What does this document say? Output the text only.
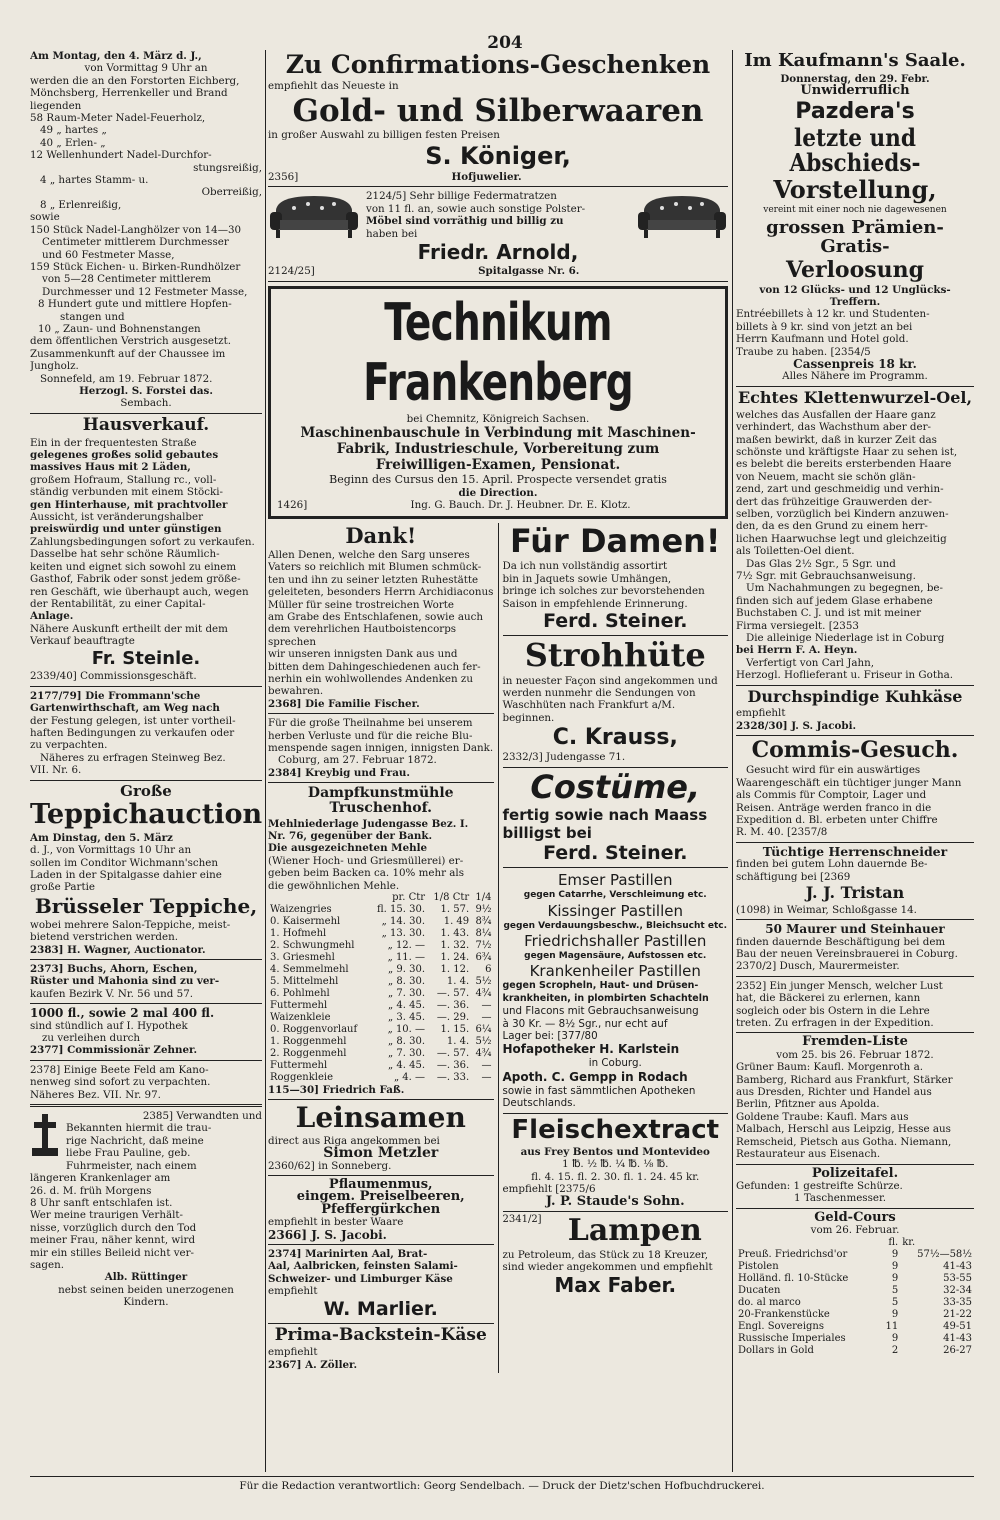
204

Am Montag, den 4. März d. J.,

von Vormittag 9 Uhr an

werden die an den Forstorten Eichberg,

Mönchsberg, Herrenkeller und Brand

liegenden

58 Raum-Meter Nadel-Feuerholz,

49 „ hartes „

40 „ Erlen- „

12 Wellenhundert Nadel-Durchfor-

stungsreißig,

4 „ hartes Stamm- u.

Oberreißig,

8 „ Erlenreißig,

sowie

150 Stück Nadel-Langhölzer von 14—30

Centimeter mittlerem Durchmesser

und 60 Festmeter Masse,

159 Stück Eichen- u. Birken-Rundhölzer

von 5—28 Centimeter mittlerem

Durchmesser und 12 Festmeter Masse,

8 Hundert gute und mittlere Hopfen-

stangen und

10 „ Zaun- und Bohnenstangen

dem öffentlichen Verstrich ausgesetzt.

Zusammenkunft auf der Chaussee im

Jungholz.

Sonnefeld, am 19. Februar 1872.

Herzogl. S. Forstei das.

Sembach.

Hausverkauf.

Ein in der frequentesten Straße

gelegenes großes solid gebautes

massives Haus mit 2 Läden,

großem Hofraum, Stallung rc., voll-

ständig verbunden mit einem Stöcki-

gen Hinterhause, mit prachtvoller

Aussicht, ist veränderungshalber

preiswürdig und unter günstigen

Zahlungsbedingungen sofort zu verkaufen.

Dasselbe hat sehr schöne Räumlich-

keiten und eignet sich sowohl zu einem

Gasthof, Fabrik oder sonst jedem größe-

ren Geschäft, wie überhaupt auch, wegen

der Rentabilität, zu einer Capital-

Anlage.

Nähere Auskunft ertheilt der mit dem

Verkauf beauftragte

Fr. Steinle.

2339/40] Commissionsgeschäft.

2177/79] Die Frommann'sche

Gartenwirthschaft, am Weg nach

der Festung gelegen, ist unter vortheil-

haften Bedingungen zu verkaufen oder

zu verpachten.

Näheres zu erfragen Steinweg Bez.

VII. Nr. 6.

Große

Teppichauction

Am Dinstag, den 5. März

d. J., von Vormittags 10 Uhr an

sollen im Conditor Wichmann'schen

Laden in der Spitalgasse dahier eine

große Partie

Brüsseler Teppiche,

wobei mehrere Salon-Teppiche, meist-

bietend verstrichen werden.

2383] H. Wagner, Auctionator.

2373] Buchs, Ahorn, Eschen,

Rüster und Mahonia sind zu ver-

kaufen Bezirk V. Nr. 56 und 57.

1000 fl., sowie 2 mal 400 fl.

sind stündlich auf I. Hypothek

zu verleihen durch

2377] Commissionär Zehner.

2378] Einige Beete Feld am Kano-

nenweg sind sofort zu verpachten.

Näheres Bez. VII. Nr. 97.

2385] Verwandten und

Bekannten hiermit die trau-

rige Nachricht, daß meine

liebe Frau Pauline, geb.

Fuhrmeister, nach einem

längeren Krankenlager am

26. d. M. früh Morgens

8 Uhr sanft entschlafen ist.

Wer meine traurigen Verhält-

nisse, vorzüglich durch den Tod

meiner Frau, näher kennt, wird

mir ein stilles Beileid nicht ver-

sagen.

Alb. Rüttinger

nebst seinen beiden unerzogenen

Kindern.

Zu Confirmations-Geschenken

empfiehlt das Neueste in

Gold- und Silberwaaren

in großer Auswahl zu billigen festen Preisen

S. Königer,

2356]	Hofjuwelier.

2124/5] Sehr billige Federmatratzen

von 11 fl. an, sowie auch sonstige Polster-

Möbel sind vorräthig und billig zu

haben bei

Friedr. Arnold,

2124/25]	Spitalgasse Nr. 6.

Technikum Frankenberg

bei Chemnitz, Königreich Sachsen.

Maschinenbauschule in Verbindung mit Maschinen-

Fabrik, Industrieschule, Vorbereitung zum

Freiwilligen-Examen, Pensionat.

Beginn des Cursus den 15. April. Prospecte versendet gratis

die Direction.

1426]	Ing. G. Bauch. Dr. J. Heubner. Dr. E. Klotz.

Dank!

Allen Denen, welche den Sarg unseres

Vaters so reichlich mit Blumen schmück-

ten und ihn zu seiner letzten Ruhestätte

geleiteten, besonders Herrn Archidiaconus

Müller für seine trostreichen Worte

am Grabe des Entschlafenen, sowie auch

dem verehrlichen Hautboistencorps sprechen

wir unseren innigsten Dank aus und

bitten dem Dahingeschiedenen auch fer-

nerhin ein wohlwollendes Andenken zu

bewahren.

2368] Die Familie Fischer.

Für die große Theilnahme bei unserem

herben Verluste und für die reiche Blu-

menspende sagen innigen, innigsten Dank.

Coburg, am 27. Februar 1872.

2384] Kreybig und Frau.

Dampfkunstmühle Truschenhof.

Mehlniederlage Judengasse Bez. I.

Nr. 76, gegenüber der Bank.

Die ausgezeichneten Mehle

(Wiener Hoch- und Griesmüllerei) er-

geben beim Backen ca. 10% mehr als

die gewöhnlichen Mehle.

	pr. Ctr	1/8 Ctr	1/4
Waizengries	fl. 15. 30.	1. 57.	9½
0. Kaisermehl	„ 14. 30.	1. 49	8¾
1. Hofmehl	„ 13. 30.	1. 43.	8¼
2. Schwungmehl	„ 12. —	1. 32.	7½
3. Griesmehl	„ 11. —	1. 24.	6¾
4. Semmelmehl	„ 9. 30.	1. 12.	6
5. Mittelmehl	„ 8. 30.	1. 4.	5½
6. Pohlmehl	„ 7. 30.	—. 57.	4¾
Futtermehl	„ 4. 45.	—. 36.	—
Waizenkleie	„ 3. 45.	—. 29.	—
0. Roggenvorlauf	„ 10. —	1. 15.	6¼
1. Roggenmehl	„ 8. 30.	1. 4.	5½
2. Roggenmehl	„ 7. 30.	—. 57.	4¾
Futtermehl	„ 4. 45.	—. 36.	—
Roggenkleie	„ 4. —	—. 33.	—

115—30] Friedrich Faß.

Leinsamen

direct aus Riga angekommen bei

Simon Metzler

2360/62] in Sonneberg.

Pflaumenmus,

eingem. Preiselbeeren,

Pfeffergürkchen

empfiehlt in bester Waare

2366] J. S. Jacobi.

2374] Marinirten Aal, Brat-

Aal, Aalbricken, feinsten Salami-

Schweizer- und Limburger Käse

empfiehlt

W. Marlier.

Prima-Backstein-Käse

empfiehlt

2367] A. Zöller.

Für Damen!

Da ich nun vollständig assortirt

bin in Jaquets sowie Umhängen,

bringe ich solches zur bevorstehenden

Saison in empfehlende Erinnerung.

Ferd. Steiner.

Strohhüte

in neuester Façon sind angekommen und

werden nunmehr die Sendungen von

Waschhüten nach Frankfurt a/M.

beginnen.

C. Krauss,

2332/3] Judengasse 71.

Costüme,

fertig sowie nach Maass

billigst bei

Ferd. Steiner.

Emser Pastillen

gegen Catarrhe, Verschleimung etc.

Kissinger Pastillen

gegen Verdauungsbeschw., Bleichsucht etc.

Friedrichshaller Pastillen

gegen Magensäure, Aufstossen etc.

Krankenheiler Pastillen

gegen Scropheln, Haut- und Drüsen-

krankheiten, in plombirten Schachteln

und Flacons mit Gebrauchsanweisung

à 30 Kr. — 8½ Sgr., nur echt auf

Lager bei: [377/80

Hofapotheker H. Karlstein

in Coburg.

Apoth. C. Gempp in Rodach

sowie in fast sämmtlichen Apotheken

Deutschlands.

Fleischextract

aus Frey Bentos und Montevideo

1 ℔. ½ ℔. ¼ ℔. ⅛ ℔.

fl. 4. 15. fl. 2. 30. fl. 1. 24. 45 kr.

empfiehlt [2375/6

J. P. Staude's Sohn.

2341/2] Lampen

zu Petroleum, das Stück zu 18 Kreuzer,

sind wieder angekommen und empfiehlt

Max Faber.

Im Kaufmann's Saale.

Donnerstag, den 29. Febr.

Unwiderruflich

Pazdera's

letzte und Abschieds-

Vorstellung,

vereint mit einer noch nie dagewesenen

grossen Prämien-Gratis-

Verloosung

von 12 Glücks- und 12 Unglücks-

Treffern.

Entréebillets à 12 kr. und Studenten-

billets à 9 kr. sind von jetzt an bei

Herrn Kaufmann und Hotel gold.

Traube zu haben. [2354/5

Cassenpreis 18 kr.

Alles Nähere im Programm.

Echtes Klettenwurzel-Oel,

welches das Ausfallen der Haare ganz

verhindert, das Wachsthum aber der-

maßen bewirkt, daß in kurzer Zeit das

schönste und kräftigste Haar zu sehen ist,

es belebt die bereits ersterbenden Haare

von Neuem, macht sie schön glän-

zend, zart und geschmeidig und verhin-

dert das frühzeitige Grauwerden der-

selben, vorzüglich bei Kindern anzuwen-

den, da es den Grund zu einem herr-

lichen Haarwuchse legt und gleichzeitig

als Toiletten-Oel dient.

Das Glas 2½ Sgr., 5 Sgr. und

7½ Sgr. mit Gebrauchsanweisung.

Um Nachahmungen zu begegnen, be-

finden sich auf jedem Glase erhabene

Buchstaben C. J. und ist mit meiner

Firma versiegelt. [2353

Die alleinige Niederlage ist in Coburg

bei Herrn F. A. Heyn.

Verfertigt von Carl Jahn,

Herzogl. Hoflieferant u. Friseur in Gotha.

Durchspindige Kuhkäse

empfiehlt

2328/30] J. S. Jacobi.

Commis-Gesuch.

Gesucht wird für ein auswärtiges

Waarengeschäft ein tüchtiger junger Mann

als Commis für Comptoir, Lager und

Reisen. Anträge werden franco in die

Expedition d. Bl. erbeten unter Chiffre

R. M. 40. [2357/8

Tüchtige Herrenschneider

finden bei gutem Lohn dauernde Be-

schäftigung bei [2369

J. J. Tristan

(1098) in Weimar, Schloßgasse 14.

50 Maurer und Steinhauer

finden dauernde Beschäftigung bei dem

Bau der neuen Vereinsbrauerei in Coburg.

2370/2] Dusch, Maurermeister.

2352] Ein junger Mensch, welcher Lust

hat, die Bäckerei zu erlernen, kann

sogleich oder bis Ostern in die Lehre

treten. Zu erfragen in der Expedition.

Fremden-Liste

vom 25. bis 26. Februar 1872.

Grüner Baum: Kaufl. Morgenroth a.

Bamberg, Richard aus Frankfurt, Stärker

aus Dresden, Richter und Handel aus

Berlin, Pfitzner aus Apolda.

Goldene Traube: Kaufl. Mars aus

Malbach, Herschl aus Leipzig, Hesse aus

Remscheid, Pietsch aus Gotha. Niemann,

Restaurateur aus Eisenach.

Polizeitafel.

Gefunden: 1 gestreifte Schürze.

1 Taschenmesser.

Geld-Cours

vom 26. Februar.

	fl.	kr.
Preuß. Friedrichsd'or	9	57½—58½
Pistolen	9	41-43
Holländ. fl. 10-Stücke	9	53-55
Ducaten	5	32-34
do. al marco	5	33-35
20-Frankenstücke	9	21-22
Engl. Sovereigns	11	49-51
Russische Imperiales	9	41-43
Dollars in Gold	2	26-27
Für die Redaction verantwortlich: Georg Sendelbach. — Druck der Dietz'schen Hofbuchdruckerei.
